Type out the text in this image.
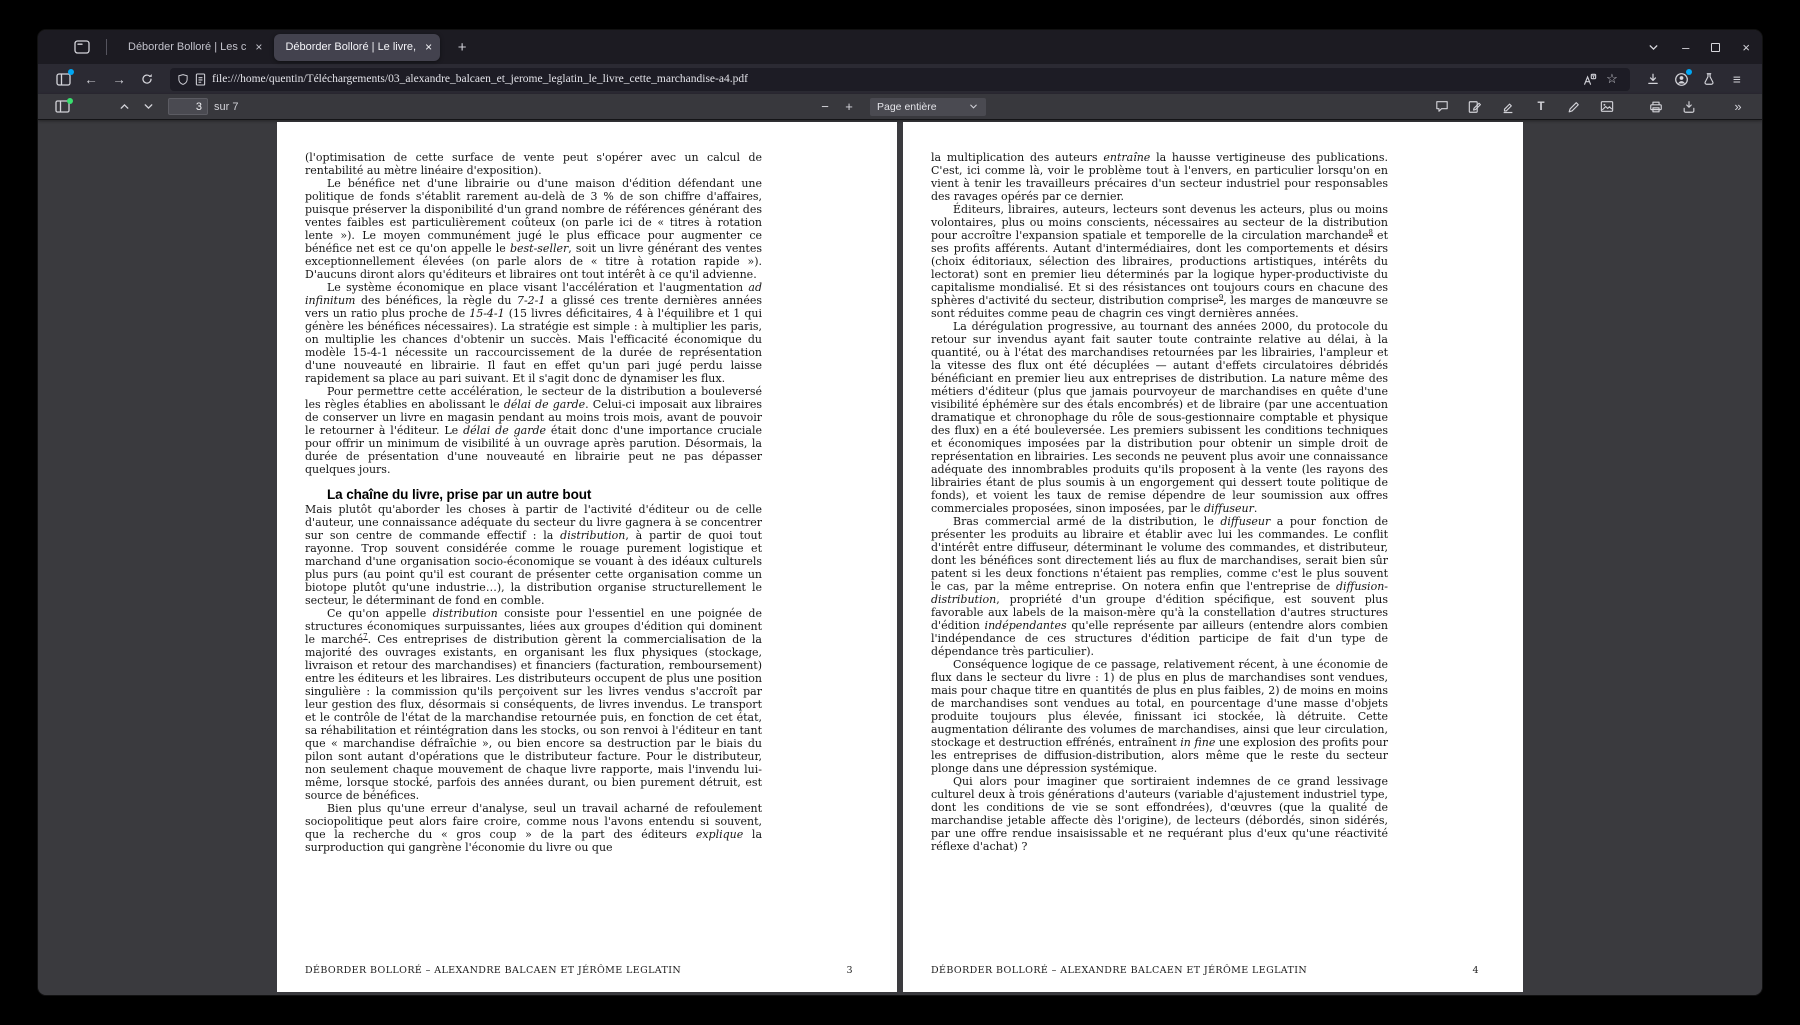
Déborder Bolloré | Les c × Déborder Bolloré | Le livre, ×	+	–	×
←	→	file:///home/quentin/Téléchargements/03_alexandre_balcaen_et_jerome_leglatin_le_livre_cette_marchandise-a4.pdf	☆	≡
3
sur 7	−	+	Page entière	T	»

(l'optimisation de cette surface de vente peut s'opérer avec un calcul de rentabilité au mètre linéaire d'exposition).

Le bénéfice net d'une librairie ou d'une maison d'édition défendant une politique de fonds s'établit rarement au-delà de 3 % de son chiffre d'affaires, puisque préserver la disponibilité d'un grand nombre de références générant des ventes faibles est particulièrement coûteux (on parle ici de « titres à rotation lente »). Le moyen communément jugé le plus efficace pour augmenter ce bénéfice net est ce qu'on appelle le best-seller, soit un livre générant des ventes exceptionnellement élevées (on parle alors de « titre à rotation rapide »). D'aucuns diront alors qu'éditeurs et libraires ont tout intérêt à ce qu'il advienne.

Le système économique en place visant l'accélération et l'augmentation ad infinitum des bénéfices, la règle du 7-2-1 a glissé ces trente dernières années vers un ratio plus proche de 15-4-1 (15 livres déficitaires, 4 à l'équilibre et 1 qui génère les bénéfices nécessaires). La stratégie est simple : à multiplier les paris, on multiplie les chances d'obtenir un succès. Mais l'efficacité économique du modèle 15-4-1 nécessite un raccourcissement de la durée de représentation d'une nouveauté en librairie. Il faut en effet qu'un pari jugé perdu laisse rapidement sa place au pari suivant. Et il s'agit donc de dynamiser les flux.

Pour permettre cette accélération, le secteur de la distribution a bouleversé les règles établies en abolissant le délai de garde. Celui-ci imposait aux libraires de conserver un livre en magasin pendant au moins trois mois, avant de pouvoir le retourner à l'éditeur. Le délai de garde était donc d'une importance cruciale pour offrir un minimum de visibilité à un ouvrage après parution. Désormais, la durée de présentation d'une nouveauté en librairie peut ne pas dépasser quelques jours.

La chaîne du livre, prise par un autre bout

Mais plutôt qu'aborder les choses à partir de l'activité d'éditeur ou de celle d'auteur, une connaissance adéquate du secteur du livre gagnera à se concentrer sur son centre de commande effectif : la distribution, à partir de quoi tout rayonne. Trop souvent considérée comme le rouage purement logistique et marchand d'une organisation socio-économique se vouant à des idéaux culturels plus purs (au point qu'il est courant de présenter cette organisation comme un biotope plutôt qu'une industrie…), la distribution organise structurellement le secteur, le déterminant de fond en comble.

Ce qu'on appelle distribution consiste pour l'essentiel en une poignée de structures économiques surpuissantes, liées aux groupes d'édition qui dominent le marché$^7$. Ces entreprises de distribution gèrent la commercialisation de la majorité des ouvrages existants, en organisant les flux physiques (stockage, livraison et retour des marchandises) et financiers (facturation, remboursement) entre les éditeurs et les libraires. Les distributeurs occupent de plus une position singulière : la commission qu'ils perçoivent sur les livres vendus s'accroît par leur gestion des flux, désormais si conséquents, de livres invendus. Le transport et le contrôle de l'état de la marchandise retournée puis, en fonction de cet état, sa réhabilitation et réintégration dans les stocks, ou son renvoi à l'éditeur en tant que « marchandise défraîchie », ou bien encore sa destruction par le biais du pilon sont autant d'opérations que le distributeur facture. Pour le distributeur, non seulement chaque mouvement de chaque livre rapporte, mais l'invendu lui-même, lorsque stocké, parfois des années durant, ou bien purement détruit, est source de bénéfices.

Bien plus qu'une erreur d'analyse, seul un travail acharné de refoulement sociopolitique peut alors faire croire, comme nous l'avons entendu si souvent, que la recherche du « gros coup » de la part des éditeurs explique la surproduction qui gangrène l'économie du livre ou que

DÉBORDER BOLLORÉ – ALEXANDRE BALCAEN ET JÉRÔME LEGLATIN	3

la multiplication des auteurs entraîne la hausse vertigineuse des publications. C'est, ici comme là, voir le problème tout à l'envers, en particulier lorsqu'on en vient à tenir les travailleurs précaires d'un secteur industriel pour responsables des ravages opérés par ce dernier.

Éditeurs, libraires, auteurs, lecteurs sont devenus les acteurs, plus ou moins volontaires, plus ou moins conscients, nécessaires au secteur de la distribution pour accroître l'expansion spatiale et temporelle de la circulation marchande$^8$ et ses profits afférents. Autant d'intermédiaires, dont les comportements et désirs (choix éditoriaux, sélection des libraires, productions artistiques, intérêts du lectorat) sont en premier lieu déterminés par la logique hyper-productiviste du capitalisme mondialisé. Et si des résistances ont toujours cours en chacune des sphères d'activité du secteur, distribution comprise$^9$, les marges de manœuvre se sont réduites comme peau de chagrin ces vingt dernières années.

La dérégulation progressive, au tournant des années 2000, du protocole du retour sur invendus ayant fait sauter toute contrainte relative au délai, à la quantité, ou à l'état des marchandises retournées par les librairies, l'ampleur et la vitesse des flux ont été décuplées — autant d'effets circulatoires débridés bénéficiant en premier lieu aux entreprises de distribution. La nature même des métiers d'éditeur (plus que jamais pourvoyeur de marchandises en quête d'une visibilité éphémère sur des étals encombrés) et de libraire (par une accentuation dramatique et chronophage du rôle de sous-gestionnaire comptable et physique des flux) en a été bouleversée. Les premiers subissent les conditions techniques et économiques imposées par la distribution pour obtenir un simple droit de représentation en librairies. Les seconds ne peuvent plus avoir une connaissance adéquate des innombrables produits qu'ils proposent à la vente (les rayons des librairies étant de plus soumis à un engorgement qui dessert toute politique de fonds), et voient les taux de remise dépendre de leur soumission aux offres commerciales proposées, sinon imposées, par le diffuseur.

Bras commercial armé de la distribution, le diffuseur a pour fonction de présenter les produits au libraire et établir avec lui les commandes. Le conflit d'intérêt entre diffuseur, déterminant le volume des commandes, et distributeur, dont les bénéfices sont directement liés au flux de marchandises, serait bien sûr patent si les deux fonctions n'étaient pas remplies, comme c'est le plus souvent le cas, par la même entreprise. On notera enfin que l'entreprise de diffusion-distribution, propriété d'un groupe d'édition spécifique, est souvent plus favorable aux labels de la maison-mère qu'à la constellation d'autres structures d'édition indépendantes qu'elle représente par ailleurs (entendre alors combien l'indépendance de ces structures d'édition participe de fait d'un type de dépendance très particulier).

Conséquence logique de ce passage, relativement récent, à une économie de flux dans le secteur du livre : 1) de plus en plus de marchandises sont vendues, mais pour chaque titre en quantités de plus en plus faibles, 2) de moins en moins de marchandises sont vendues au total, en pourcentage d'une masse d'objets produite toujours plus élevée, finissant ici stockée, là détruite. Cette augmentation délirante des volumes de marchandises, ainsi que leur circulation, stockage et destruction effrénés, entraînent in fine une explosion des profits pour les entreprises de diffusion-distribution, alors même que le reste du secteur plonge dans une dépression systémique.

Qui alors pour imaginer que sortiraient indemnes de ce grand lessivage culturel deux à trois générations d'auteurs (variable d'ajustement industriel type, dont les conditions de vie se sont effondrées), d'œuvres (que la qualité de marchandise jetable affecte dès l'origine), de lecteurs (débordés, sinon sidérés, par une offre rendue insaisissable et ne requérant plus d'eux qu'une réactivité réflexe d'achat) ?

DÉBORDER BOLLORÉ – ALEXANDRE BALCAEN ET JÉRÔME LEGLATIN	4
